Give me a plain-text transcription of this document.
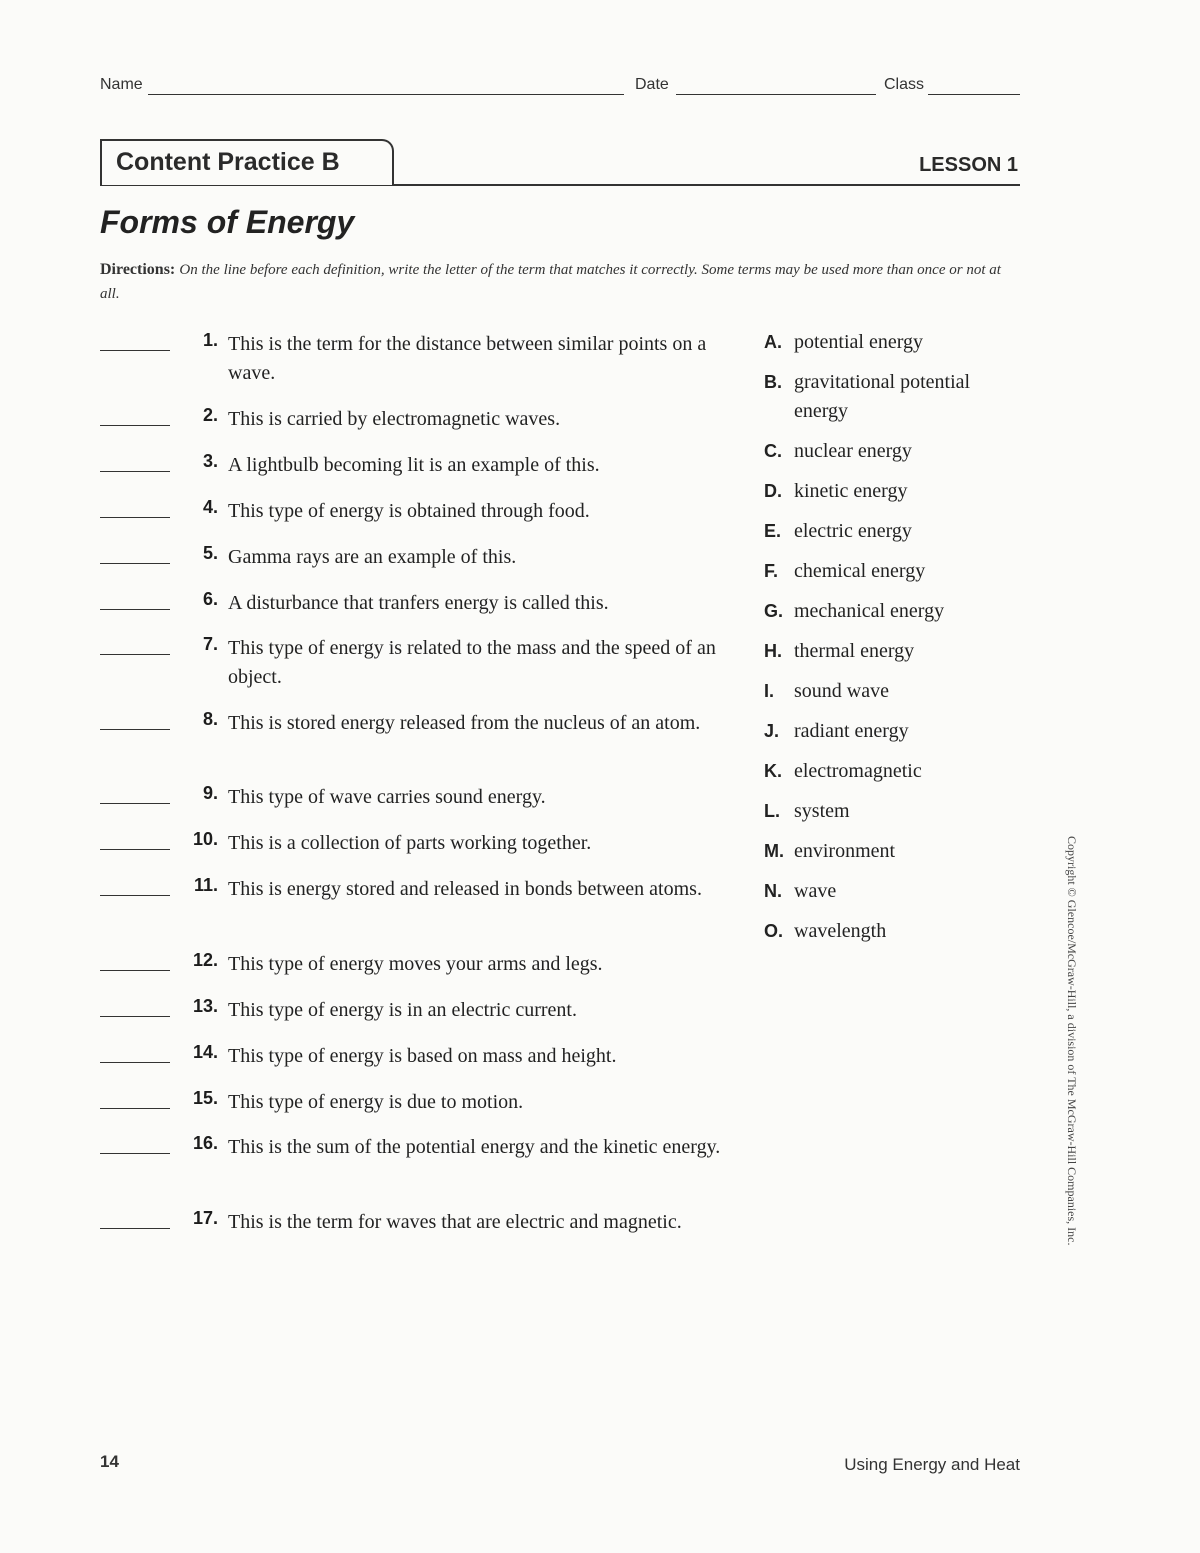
Name	Date	Class
Content Practice B	LESSON 1
Forms of Energy
Directions: On the line before each definition, write the letter of the term that matches it correctly. Some terms may be used more than once or not at all.
1. This is the term for the distance between similar points on a wave.
2. This is carried by electromagnetic waves.
3. A lightbulb becoming lit is an example of this.
4. This type of energy is obtained through food.
5. Gamma rays are an example of this.
6. A disturbance that tranfers energy is called this.
7. This type of energy is related to the mass and the speed of an object.
8. This is stored energy released from the nucleus of an atom.
9. This type of wave carries sound energy.
10. This is a collection of parts working together.
11. This is energy stored and released in bonds between atoms.
12. This type of energy moves your arms and legs.
13. This type of energy is in an electric current.
14. This type of energy is based on mass and height.
15. This type of energy is due to motion.
16. This is the sum of the potential energy and the kinetic energy.
17. This is the term for waves that are electric and magnetic.
A. potential energy
B. gravitational potential energy
C. nuclear energy
D. kinetic energy
E. electric energy
F. chemical energy
G. mechanical energy
H. thermal energy
I. sound wave
J. radiant energy
K. electromagnetic
L. system
M. environment
N. wave
O. wavelength	Copyright © Glencoe/McGraw-Hill, a division of The McGraw-Hill Companies, Inc.
14	Using Energy and Heat
